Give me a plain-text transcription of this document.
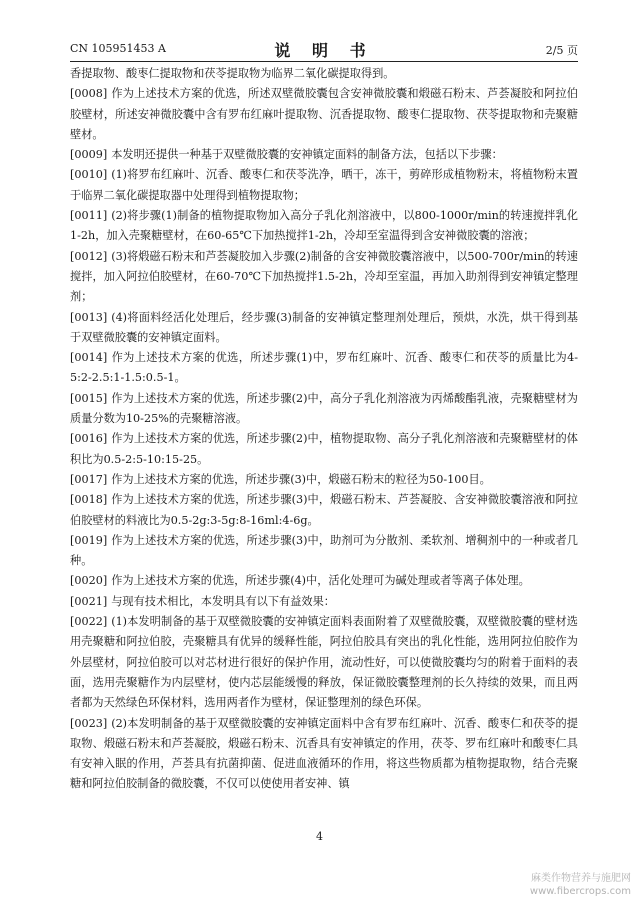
CN 105951453 A	说 明 书	2/5 页

香提取物、酸枣仁提取物和茯苓提取物为临界二氧化碳提取得到。

[0008] 作为上述技术方案的优选，所述双壁微胶囊包含安神微胶囊和煅磁石粉末、芦荟凝胶和阿拉伯胶壁材，所述安神微胶囊中含有罗布红麻叶提取物、沉香提取物、酸枣仁提取物、茯苓提取物和壳聚糖壁材。

[0009] 本发明还提供一种基于双壁微胶囊的安神镇定面料的制备方法，包括以下步骤：

[0010] (1)将罗布红麻叶、沉香、酸枣仁和茯苓洗净，晒干，冻干，剪碎形成植物粉末，将植物粉末置于临界二氧化碳提取器中处理得到植物提取物；

[0011] (2)将步骤(1)制备的植物提取物加入高分子乳化剂溶液中，以800-1000r/min的转速搅拌乳化1-2h，加入壳聚糖壁材，在60-65℃下加热搅拌1-2h，冷却至室温得到含安神微胶囊的溶液；

[0012] (3)将煅磁石粉末和芦荟凝胶加入步骤(2)制备的含安神微胶囊溶液中，以500-700r/min的转速搅拌，加入阿拉伯胶壁材，在60-70℃下加热搅拌1.5-2h，冷却至室温，再加入助剂得到安神镇定整理剂；

[0013] (4)将面料经活化处理后，经步骤(3)制备的安神镇定整理剂处理后，预烘，水洗，烘干得到基于双壁微胶囊的安神镇定面料。

[0014] 作为上述技术方案的优选，所述步骤(1)中，罗布红麻叶、沉香、酸枣仁和茯苓的质量比为4-5:2-2.5:1-1.5:0.5-1。

[0015] 作为上述技术方案的优选，所述步骤(2)中，高分子乳化剂溶液为丙烯酸酯乳液，壳聚糖壁材为质量分数为10-25%的壳聚糖溶液。

[0016] 作为上述技术方案的优选，所述步骤(2)中，植物提取物、高分子乳化剂溶液和壳聚糖壁材的体积比为0.5-2:5-10:15-25。

[0017] 作为上述技术方案的优选，所述步骤(3)中，煅磁石粉末的粒径为50-100目。

[0018] 作为上述技术方案的优选，所述步骤(3)中，煅磁石粉末、芦荟凝胶、含安神微胶囊溶液和阿拉伯胶壁材的料液比为0.5-2g:3-5g:8-16ml:4-6g。

[0019] 作为上述技术方案的优选，所述步骤(3)中，助剂可为分散剂、柔软剂、增稠剂中的一种或者几种。

[0020] 作为上述技术方案的优选，所述步骤(4)中，活化处理可为碱处理或者等离子体处理。

[0021] 与现有技术相比，本发明具有以下有益效果：

[0022] (1)本发明制备的基于双壁微胶囊的安神镇定面料表面附着了双壁微胶囊，双壁微胶囊的壁材选用壳聚糖和阿拉伯胶，壳聚糖具有优异的缓释性能，阿拉伯胶具有突出的乳化性能，选用阿拉伯胶作为外层壁材，阿拉伯胶可以对芯材进行很好的保护作用，流动性好，可以使微胶囊均匀的附着于面料的表面，选用壳聚糖作为内层壁材，使内芯层能缓慢的释放，保证微胶囊整理剂的长久持续的效果，而且两者都为天然绿色环保材料，选用两者作为壁材，保证整理剂的绿色环保。

[0023] (2)本发明制备的基于双壁微胶囊的安神镇定面料中含有罗布红麻叶、沉香、酸枣仁和茯苓的提取物、煅磁石粉末和芦荟凝胶，煅磁石粉末、沉香具有安神镇定的作用，茯苓、罗布红麻叶和酸枣仁具有安神入眠的作用，芦荟具有抗菌抑菌、促进血液循环的作用，将这些物质都为植物提取物，结合壳聚糖和阿拉伯胶制备的微胶囊，不仅可以使使用者安神、镇

4
麻类作物营养与施肥网
www.fibercrops.com
